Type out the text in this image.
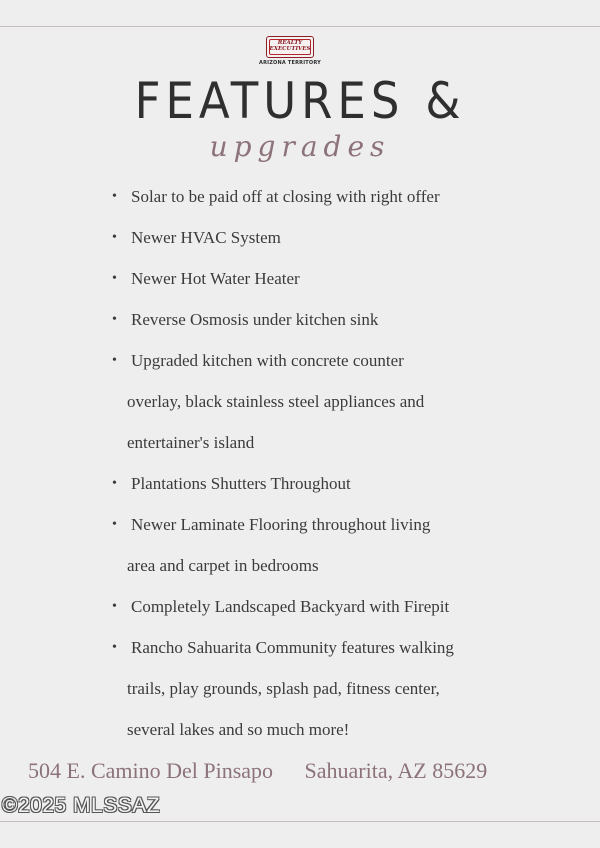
REALTY
EXECUTIVES
ARIZONA TERRITORY
FEATURES &
upgrades
• Solar to be paid off at closing with right offer
• Newer HVAC System
• Newer Hot Water Heater
• Reverse Osmosis under kitchen sink
• Upgraded kitchen with concrete counter
overlay, black stainless steel appliances and
entertainer's island
• Plantations Shutters Throughout
• Newer Laminate Flooring throughout living
area and carpet in bedrooms
• Completely Landscaped Backyard with Firepit
• Rancho Sahuarita Community features walking
trails, play grounds, splash pad, fitness center,
several lakes and so much more!
504 E. Camino Del Pinsapo Sahuarita, AZ 85629
©2025 MLSSAZ
